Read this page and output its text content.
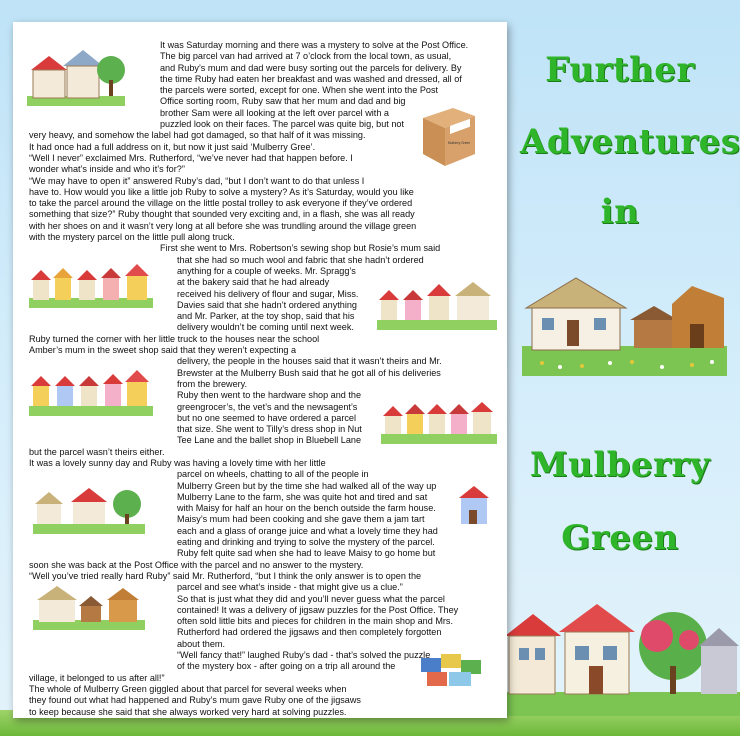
Further
Adventures
in
Mulberry
Green
Mulberry Green

It was Saturday morning and there was a mystery to solve at the Post Office.

The big parcel van had arrived at 7 o’clock from the local town, as usual,

and Ruby’s mum and dad were busy sorting out the parcels for delivery. By

the time Ruby had eaten her breakfast and was washed and dressed, all of

the parcels were sorted, except for one. When she went into the Post

Office sorting room, Ruby saw that her mum and dad and big

brother Sam were all looking at the left over parcel with a

puzzled look on their faces. The parcel was quite big, but not

very heavy, and somehow the label had got damaged, so that half of it was missing.

It had once had a full address on it, but now it just said ‘Mulberry Gree’.

“Well I never” exclaimed Mrs. Rutherford, “we’ve never had that happen before. I

wonder what’s inside and who it’s for?”

“We may have to open it” answered Ruby’s dad, “but I don’t want to do that unless I

have to. How would you like a little job Ruby to solve a mystery? As it’s Saturday, would you like

to take the parcel around the village on the little postal trolley to ask everyone if they’ve ordered

something that size?” Ruby thought that sounded very exciting and, in a flash, she was all ready

with her shoes on and it wasn’t very long at all before she was trundling around the village green

with the mystery parcel on the little pull along truck.

First she went to Mrs. Robertson’s sewing shop but Rosie’s mum said

that she had so much wool and fabric that she hadn’t ordered

anything for a couple of weeks. Mr. Spragg’s

at the bakery said that he had already

received his delivery of flour and sugar, Miss.

Davies said that she hadn’t ordered anything

and Mr. Parker, at the toy shop, said that his

delivery wouldn’t be coming until next week.

Ruby turned the corner with her little truck to the houses near the school

Amber’s mum in the sweet shop said that they weren’t expecting a

delivery, the people in the houses said that it wasn’t theirs and Mr.

Brewster at the Mulberry Bush said that he got all of his deliveries

from the brewery.

Ruby then went to the hardware shop and the

greengrocer’s, the vet’s and the newsagent’s

but no one seemed to have ordered a parcel

that size. She went to Tilly’s dress shop in Nut

Tee Lane and the ballet shop in Bluebell Lane

but the parcel wasn’t theirs either.

It was a lovely sunny day and Ruby was having a lovely time with her little

parcel on wheels, chatting to all of the people in

Mulberry Green but by the time she had walked all of the way up

Mulberry Lane to the farm, she was quite hot and tired and sat

with Maisy for half an hour on the bench outside the farm house.

Maisy’s mum had been cooking and she gave them a jam tart

each and a glass of orange juice and what a lovely time they had

eating and drinking and trying to solve the mystery of the parcel.

Ruby felt quite sad when she had to leave Maisy to go home but

soon she was back at the Post Office with the parcel and no answer to the mystery.

“Well you’ve tried really hard Ruby” said Mr. Rutherford, “but I think the only answer is to open the

parcel and see what’s inside - that might give us a clue.”

So that is just what they did and you’ll never guess what the parcel

contained! It was a delivery of jigsaw puzzles for the Post Office. They

often sold little bits and pieces for children in the main shop and Mrs.

Rutherford had ordered the jigsaws and then completely forgotten

about them.

“Well fancy that!” laughed Ruby’s dad - that’s solved the puzzle

of the mystery box - after going on a trip all around the

village, it belonged to us after all!”

The whole of Mulberry Green giggled about that parcel for several weeks when

they found out what had happened and Ruby’s mum gave Ruby one of the jigsaws

to keep because she said that she always worked very hard at solving puzzles.
